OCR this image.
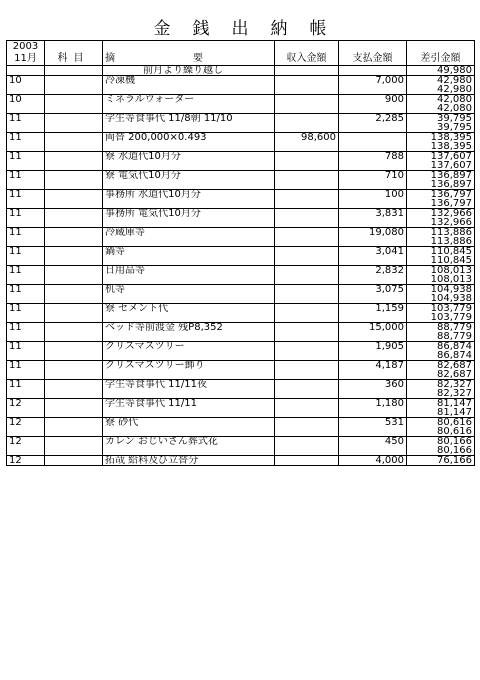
金銭出納帳
2003
11月	科目	摘 要	収入金額	支払金額	差引金額
		前月より繰り越し			49,980
10		冷凍機		7,000	42,980
					42,980
10		ミネラルウォーター		900	42,080
					42,080
11		学生等食事代 11/8朝 11/10		2,285	39,795
					39,795
11		両替 200,000×0.493	98,600		138,395
					138,395
11		寮 水道代10月分		788	137,607
					137,607
11		寮 電気代10月分		710	136,897
					136,897
11		事務所 水道代10月分		100	136,797
					136,797
11		事務所 電気代10月分		3,831	132,966
					132,966
11		冷蔵庫等		19,080	113,886
					113,886
11		鍋等		3,041	110,845
					110,845
11		日用品等		2,832	108,013
					108,013
11		机等		3,075	104,938
					104,938
11		寮 セメント代		1,159	103,779
					103,779
11		ベッド等前渡金 残P8,352		15,000	88,779
					88,779
11		クリスマスツリー		1,905	86,874
					86,874
11		クリスマスツリー飾り		4,187	82,687
					82,687
11		学生等食事代 11/11夜		360	82,327
					82,327
12		学生等食事代 11/11		1,180	81,147
					81,147
12		寮 砂代		531	80,616
					80,616
12		カレン おじいさん葬式花		450	80,166
					80,166
12		拓哉 給料及び立替分		4,000	76,166
